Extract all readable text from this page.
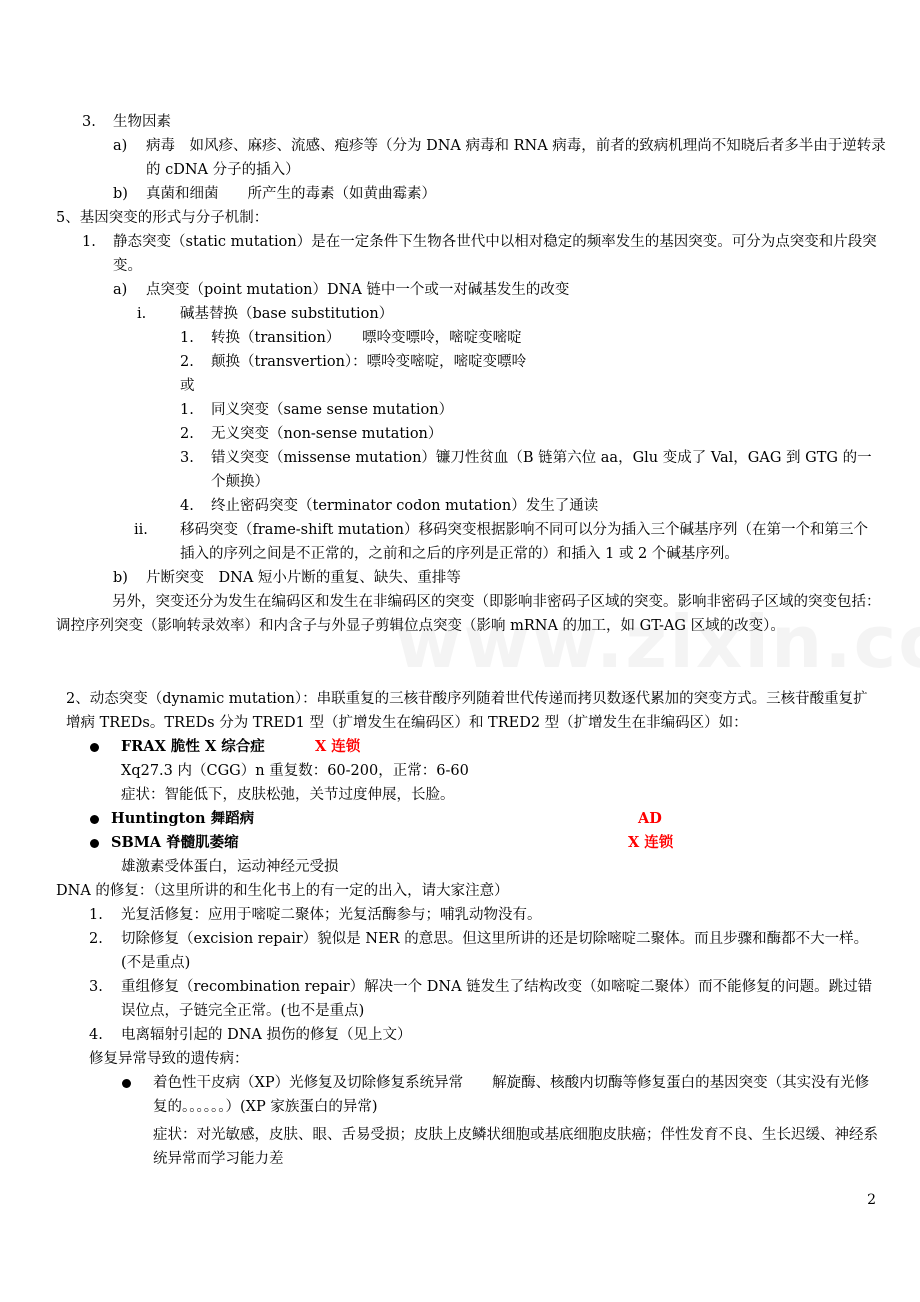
3. 生物因素
a) 病毒　如风疹、麻疹、流感、疱疹等（分为 DNA 病毒和 RNA 病毒，前者的致病机理尚不知晓后者多半由于逆转录的 cDNA 分子的插入）
b) 真菌和细菌　　所产生的毒素（如黄曲霉素）
5、基因突变的形式与分子机制：
1. 静态突变（static mutation）是在一定条件下生物各世代中以相对稳定的频率发生的基因突变。可分为点突变和片段突变。
a) 点突变（point mutation）DNA 链中一个或一对碱基发生的改变
i. 碱基替换（base substitution）
1. 转换（transition）　　嘌呤变嘌呤，嘧啶变嘧啶
2. 颠换（transvertion）：嘌呤变嘧啶，嘧啶变嘌呤
或
1. 同义突变（same sense mutation）
2. 无义突变（non-sense mutation）
3. 错义突变（missense mutation）镰刀性贫血（B 链第六位 aa，Glu 变成了 Val，GAG 到 GTG 的一个颠换）
4. 终止密码突变（terminator codon mutation）发生了通读
ii. 移码突变（frame-shift mutation）移码突变根据影响不同可以分为插入三个碱基序列（在第一个和第三个插入的序列之间是不正常的，之前和之后的序列是正常的）和插入 1 或 2 个碱基序列。
b) 片断突变　DNA 短小片断的重复、缺失、重排等
另外，突变还分为发生在编码区和发生在非编码区的突变（即影响非密码子区域的突变。影响非密码子区域的突变包括：调控序列突变（影响转录效率）和内含子与外显子剪辑位点突变（影响 mRNA 的加工，如 GT-AG 区域的改变）。
2、动态突变（dynamic mutation）：串联重复的三核苷酸序列随着世代传递而拷贝数逐代累加的突变方式。三核苷酸重复扩增病 TREDs。TREDs 分为 TRED1 型（扩增发生在编码区）和 TRED2 型（扩增发生在非编码区）如：
FRAX 脆性 X 综合症	X 连锁
Xq27.3 内（CGG）n 重复数：60-200，正常：6-60
症状：智能低下，皮肤松弛，关节过度伸展，长脸。
Huntington 舞蹈病	AD
SBMA 脊髓肌萎缩	X 连锁
雄激素受体蛋白，运动神经元受损
DNA 的修复：（这里所讲的和生化书上的有一定的出入，请大家注意）
1. 光复活修复：应用于嘧啶二聚体；光复活酶参与；哺乳动物没有。
2. 切除修复（excision repair）貌似是 NER 的意思。但这里所讲的还是切除嘧啶二聚体。而且步骤和酶都不大一样。(不是重点)
3. 重组修复（recombination repair）解决一个 DNA 链发生了结构改变（如嘧啶二聚体）而不能修复的问题。跳过错误位点，子链完全正常。(也不是重点)
4. 电离辐射引起的 DNA 损伤的修复（见上文）
修复异常导致的遗传病：
着色性干皮病（XP）光修复及切除修复系统异常　　解旋酶、核酸内切酶等修复蛋白的基因突变（其实没有光修复的。。。。。。）(XP 家族蛋白的异常)
症状：对光敏感，皮肤、眼、舌易受损；皮肤上皮鳞状细胞或基底细胞皮肤癌；伴性发育不良、生长迟缓、神经系统异常而学习能力差
2
